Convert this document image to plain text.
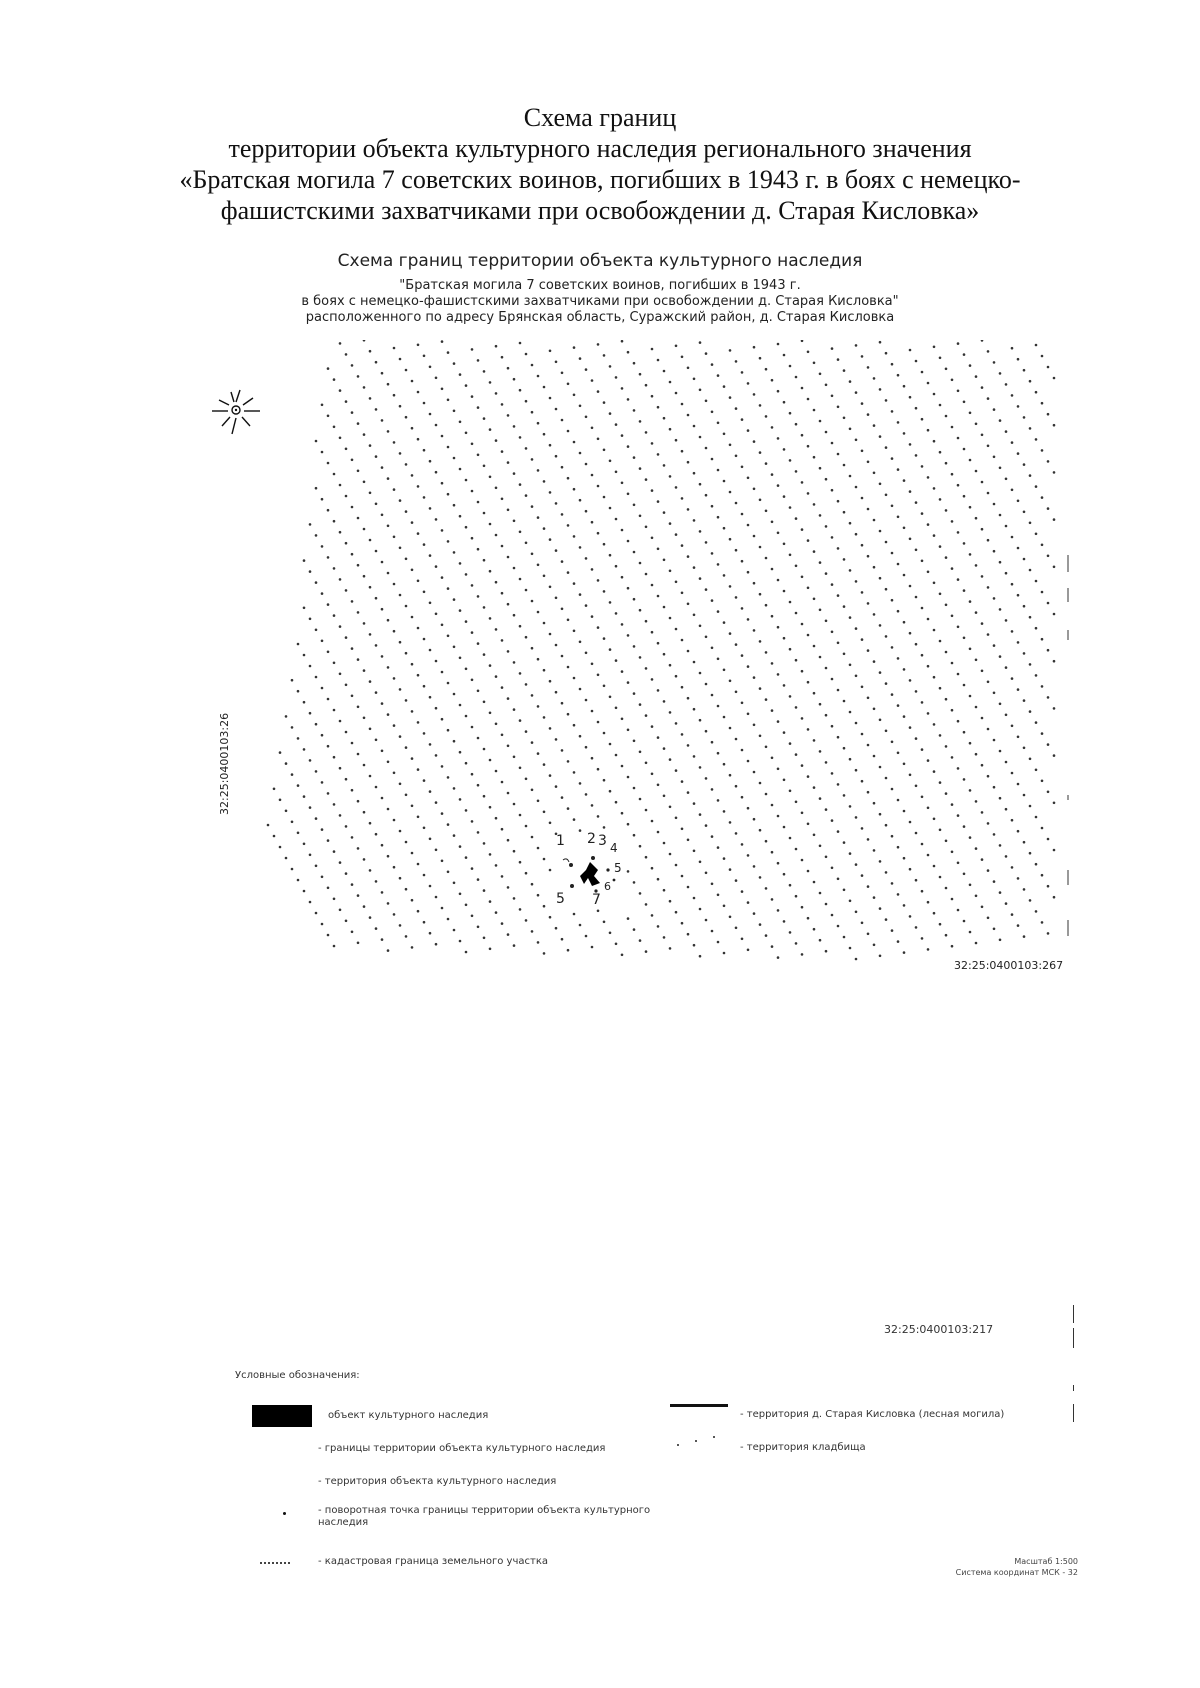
Схема границ
территории объекта культурного наследия регионального значения
«Братская могила 7 советских воинов, погибших в 1943 г. в боях с немецко-
фашистскими захватчиками при освобождении д. Старая Кисловка»
Схема границ территории объекта культурного наследия
"Братская могила 7 советских воинов, погибших в 1943 г.
в боях с немецко-фашистскими захватчиками при освобождении д. Старая Кисловка"
расположенного по адресу Брянская область, Суражский район, д. Старая Кисловка
32:25:0400103:26
32:25:0400103:267
1 2 3 4
5
6
7
5
32:25:0400103:217
Условные обозначения:
объект культурного наследия
- границы территории объекта культурного наследия
- территория объекта культурного наследия
- поворотная точка границы территории объекта культурного наследия
- кадастровая граница земельного участка
- территория д. Старая Кисловка (лесная могила)
- территория кладбища
Масштаб 1:500
Система координат МСК - 32
